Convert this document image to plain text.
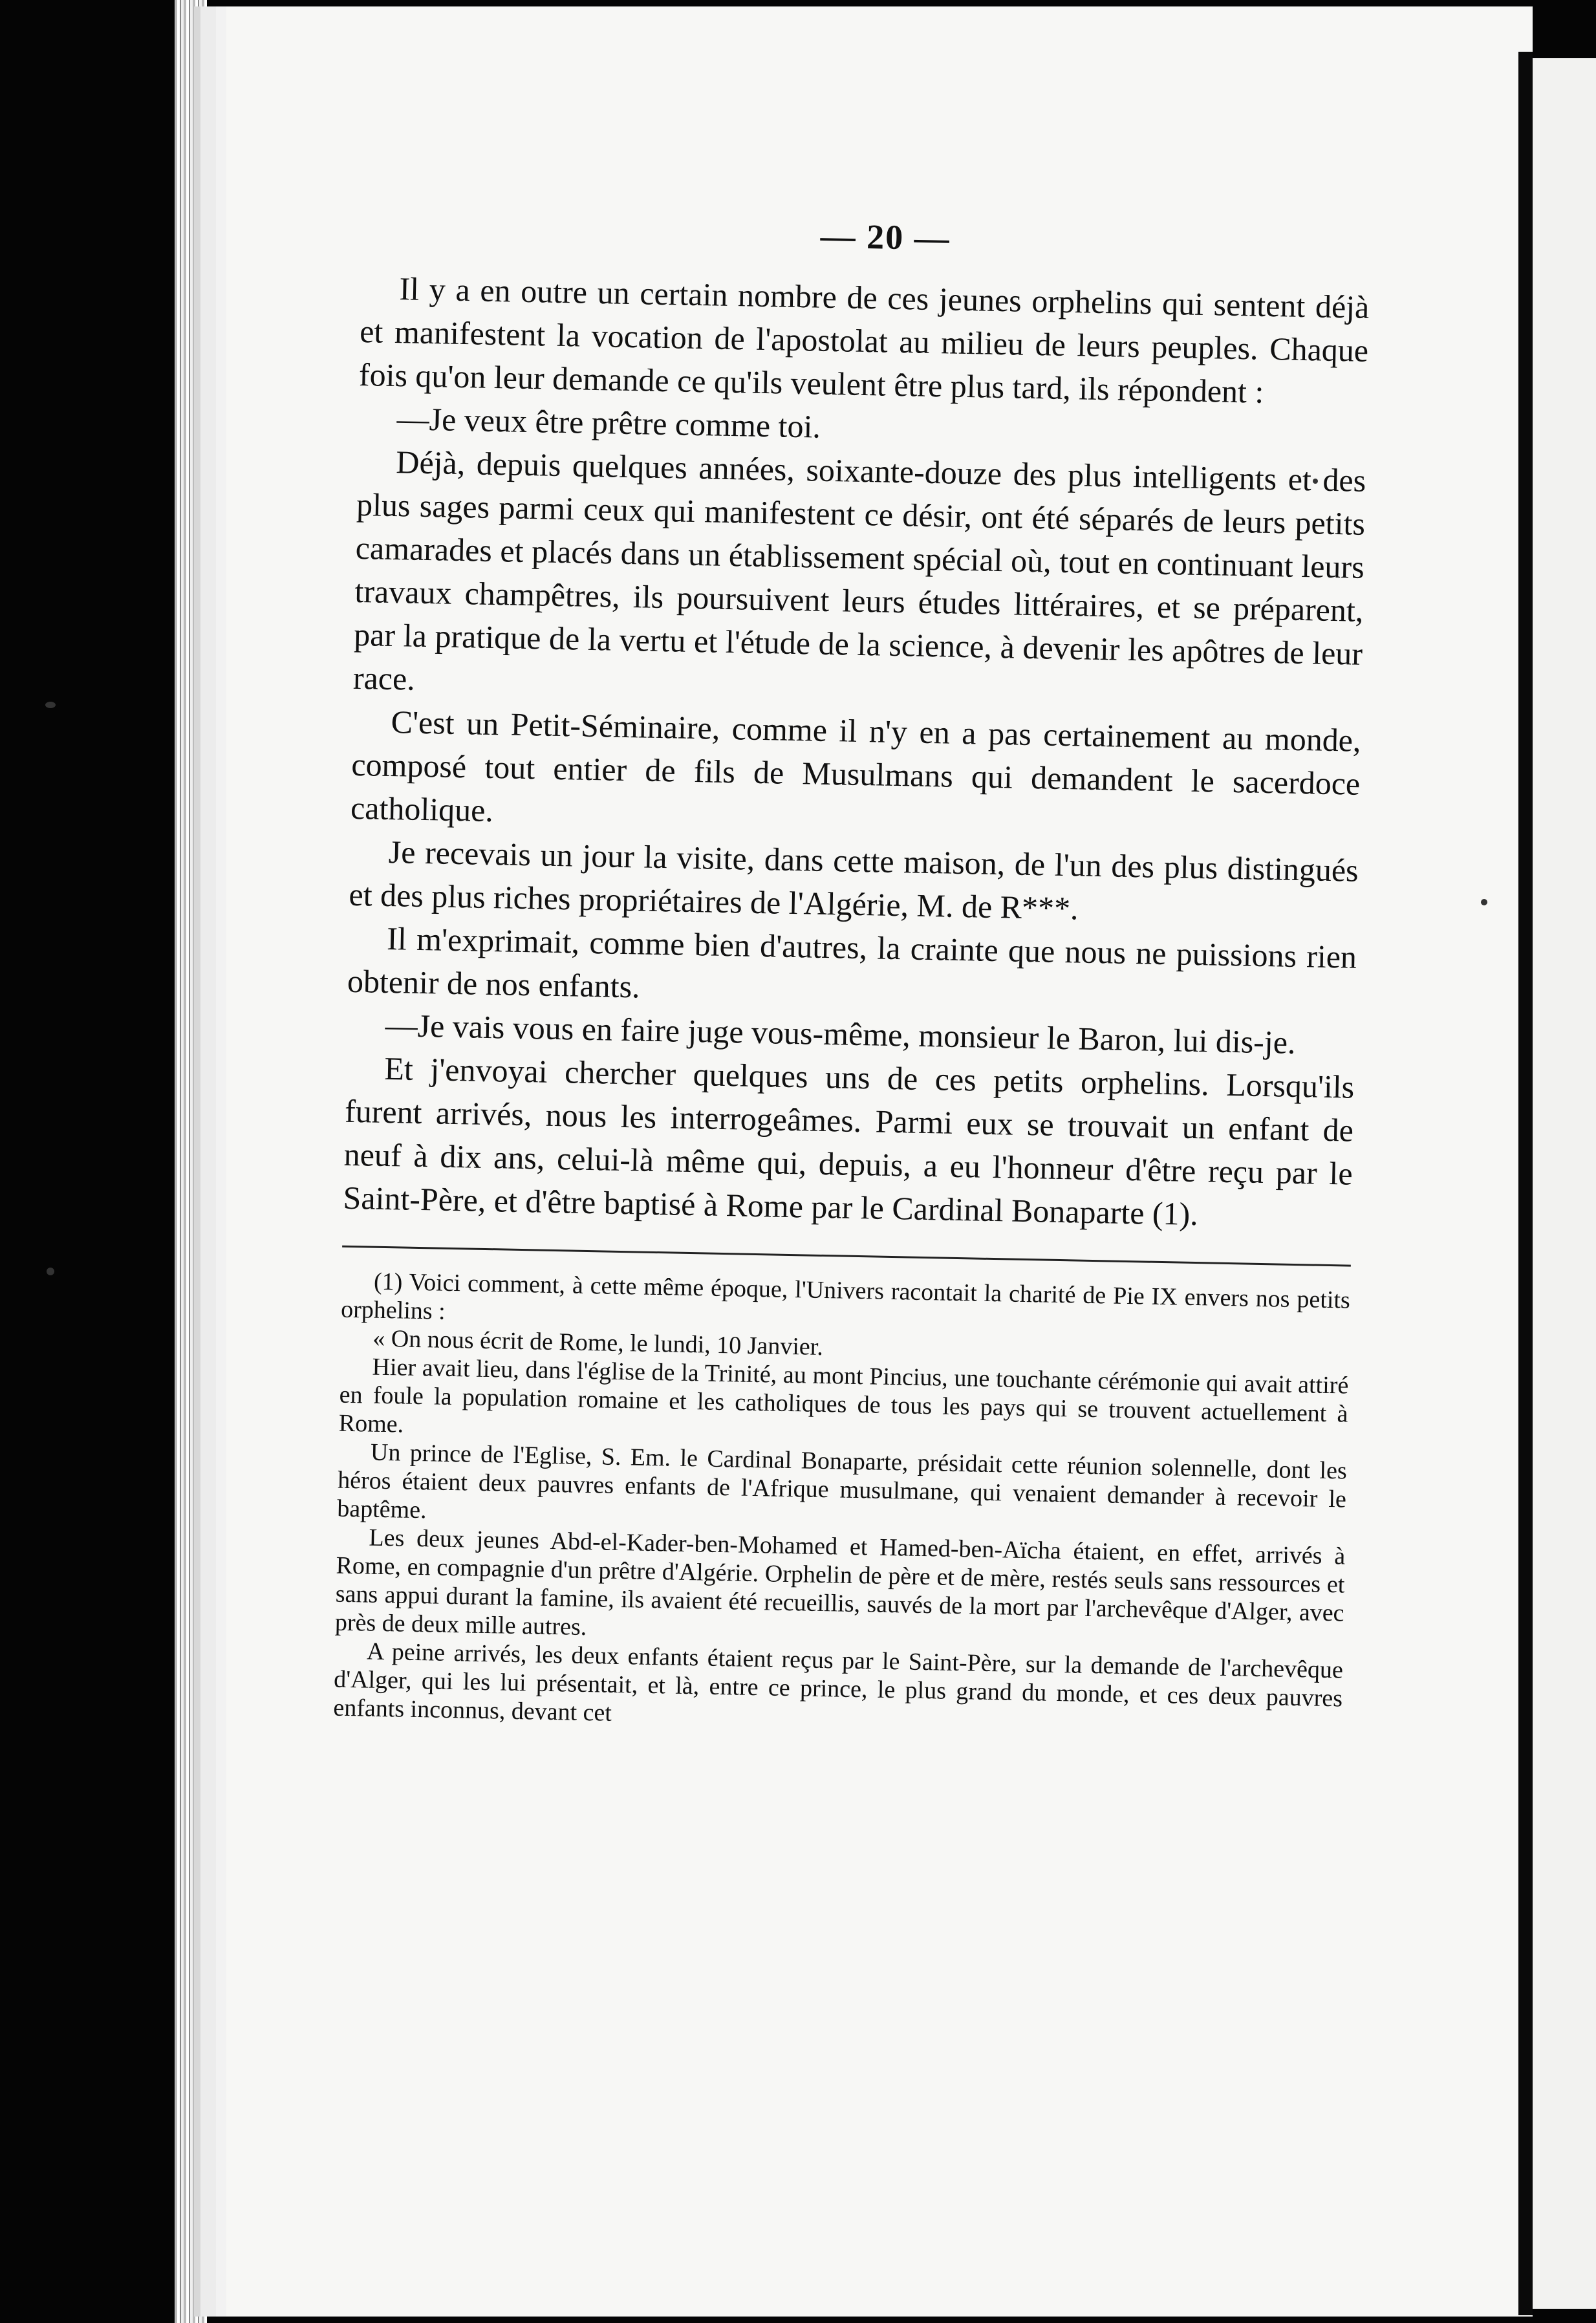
— 20 —

Il y a en outre un certain nombre de ces jeunes orphelins qui sentent déjà et manifestent la vocation de l'apostolat au milieu de leurs peuples. Chaque fois qu'on leur demande ce qu'ils veulent être plus tard, ils répondent :

—Je veux être prêtre comme toi.

Déjà, depuis quelques années, soixante-douze des plus intelligents et des plus sages parmi ceux qui manifestent ce désir, ont été séparés de leurs petits camarades et placés dans un établissement spécial où, tout en continuant leurs travaux champêtres, ils poursuivent leurs études littéraires, et se préparent, par la pratique de la vertu et l'étude de la science, à devenir les apôtres de leur race.

C'est un Petit-Séminaire, comme il n'y en a pas certainement au monde, composé tout entier de fils de Musulmans qui demandent le sacerdoce catholique.

Je recevais un jour la visite, dans cette maison, de l'un des plus distingués et des plus riches propriétaires de l'Algérie, M. de R***.

Il m'exprimait, comme bien d'autres, la crainte que nous ne puissions rien obtenir de nos enfants.

—Je vais vous en faire juge vous-même, monsieur le Baron, lui dis-je.

Et j'envoyai chercher quelques uns de ces petits orphelins. Lorsqu'ils furent arrivés, nous les interrogeâmes. Parmi eux se trouvait un enfant de neuf à dix ans, celui-là même qui, depuis, a eu l'honneur d'être reçu par le Saint-Père, et d'être baptisé à Rome par le Cardinal Bonaparte (1).

(1) Voici comment, à cette même époque, l'Univers racontait la charité de Pie IX envers nos petits orphelins :

« On nous écrit de Rome, le lundi, 10 Janvier.

Hier avait lieu, dans l'église de la Trinité, au mont Pincius, une touchante cérémonie qui avait attiré en foule la population romaine et les catholiques de tous les pays qui se trouvent actuellement à Rome.

Un prince de l'Eglise, S. Em. le Cardinal Bonaparte, présidait cette réunion solennelle, dont les héros étaient deux pauvres enfants de l'Afrique musulmane, qui venaient demander à recevoir le baptême.

Les deux jeunes Abd-el-Kader-ben-Mohamed et Hamed-ben-Aïcha étaient, en effet, arrivés à Rome, en compagnie d'un prêtre d'Algérie. Orphelin de père et de mère, restés seuls sans ressources et sans appui durant la famine, ils avaient été recueillis, sauvés de la mort par l'archevêque d'Alger, avec près de deux mille autres.

A peine arrivés, les deux enfants étaient reçus par le Saint-Père, sur la demande de l'archevêque d'Alger, qui les lui présentait, et là, entre ce prince, le plus grand du monde, et ces deux pauvres enfants inconnus, devant cet
